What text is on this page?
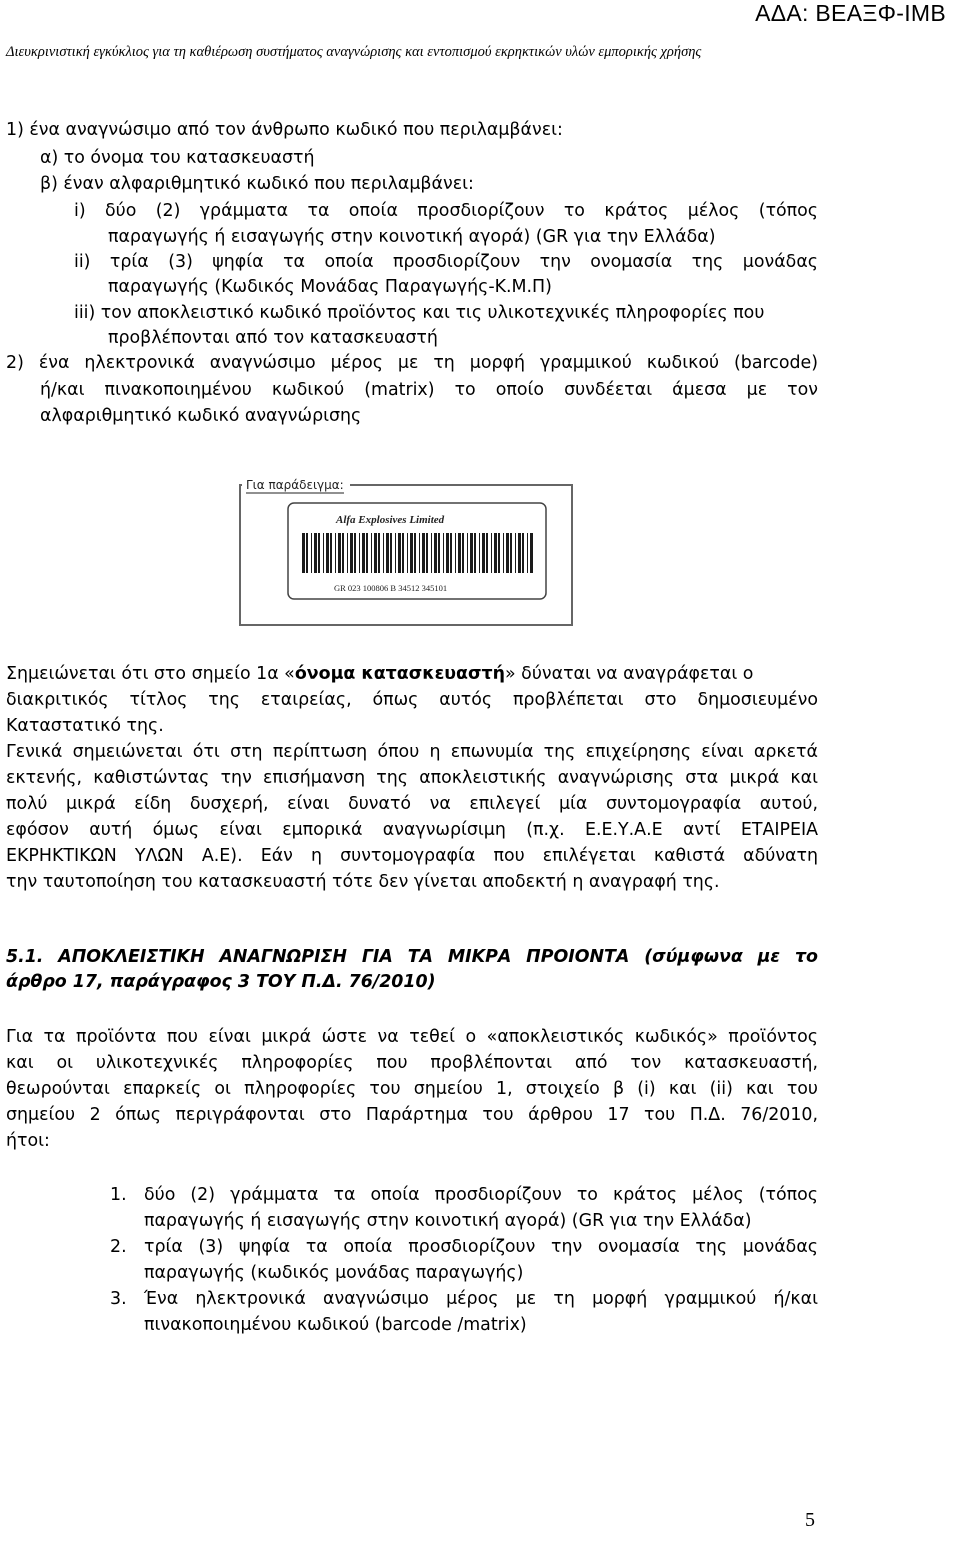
ΑΔΑ: ΒΕΑΞΦ-ΙΜΒ
Διευκρινιστική εγκύκλιος για τη καθιέρωση συστήματος αναγνώρισης και εντοπισμού εκρηκτικών υλών εμπορικής χρήσης
1) ένα αναγνώσιμο από τον άνθρωπο κωδικό που περιλαμβάνει:
α) το όνομα του κατασκευαστή
β) έναν αλφαριθμητικό κωδικό που περιλαμβάνει:
i) δύο (2) γράμματα τα οποία προσδιορίζουν το κράτος μέλος (τόπος
παραγωγής ή εισαγωγής στην κοινοτική αγορά) (GR για την Ελλάδα)
ii) τρία (3) ψηφία τα οποία προσδιορίζουν την ονομασία της μονάδας
παραγωγής (Κωδικός Μονάδας Παραγωγής-Κ.Μ.Π)
iii) τον αποκλειστικό κωδικό προϊόντος και τις υλικοτεχνικές πληροφορίες που
προβλέπονται από τον κατασκευαστή
2) ένα ηλεκτρονικά αναγνώσιμο μέρος με τη μορφή γραμμικού κωδικού (barcode)
ή/και πινακοποιημένου κωδικού (matrix) το οποίο συνδέεται άμεσα με τον
αλφαριθμητικό κωδικό αναγνώρισης
Για παράδειγμα:
Alfa Explosives Limited
GR 023 100806 B 34512 345101
Σημειώνεται ότι στο σημείο 1α «όνομα κατασκευαστή» δύναται να αναγράφεται ο
διακριτικός τίτλος της εταιρείας, όπως αυτός προβλέπεται στο δημοσιευμένο
Καταστατικό της.
Γενικά σημειώνεται ότι στη περίπτωση όπου η επωνυμία της επιχείρησης είναι αρκετά
εκτενής, καθιστώντας την επισήμανση της αποκλειστικής αναγνώρισης στα μικρά και
πολύ μικρά είδη δυσχερή, είναι δυνατό να επιλεγεί μία συντομογραφία αυτού,
εφόσον αυτή όμως είναι εμπορικά αναγνωρίσιμη (π.χ. Ε.Ε.Υ.Α.Ε αντί ΕΤΑΙΡΕΙΑ
ΕΚΡΗΚΤΙΚΩΝ ΥΛΩΝ Α.Ε). Εάν η συντομογραφία που επιλέγεται καθιστά αδύνατη
την ταυτοποίηση του κατασκευαστή τότε δεν γίνεται αποδεκτή η αναγραφή της.
5.1. ΑΠΟΚΛΕΙΣΤΙΚΗ ΑΝΑΓΝΩΡΙΣΗ ΓΙΑ ΤΑ ΜΙΚΡΑ ΠΡΟΙΟΝΤΑ (σύμφωνα με το
άρθρο 17, παράγραφος 3 ΤΟΥ Π.Δ. 76/2010)
Για τα προϊόντα που είναι μικρά ώστε να τεθεί ο «αποκλειστικός κωδικός» προϊόντος
και οι υλικοτεχνικές πληροφορίες που προβλέπονται από τον κατασκευαστή,
θεωρούνται επαρκείς οι πληροφορίες του σημείου 1, στοιχείο β (i) και (ii) και του
σημείου 2 όπως περιγράφονται στο Παράρτημα του άρθρου 17 του Π.Δ. 76/2010,
ήτοι:
1. δύο (2) γράμματα τα οποία προσδιορίζουν το κράτος μέλος (τόπος
παραγωγής ή εισαγωγής στην κοινοτική αγορά) (GR για την Ελλάδα)
2. τρία (3) ψηφία τα οποία προσδιορίζουν την ονομασία της μονάδας
παραγωγής (κωδικός μονάδας παραγωγής)
3. Ένα ηλεκτρονικά αναγνώσιμο μέρος με τη μορφή γραμμικού ή/και
πινακοποιημένου κωδικού (barcode /matrix)
5
